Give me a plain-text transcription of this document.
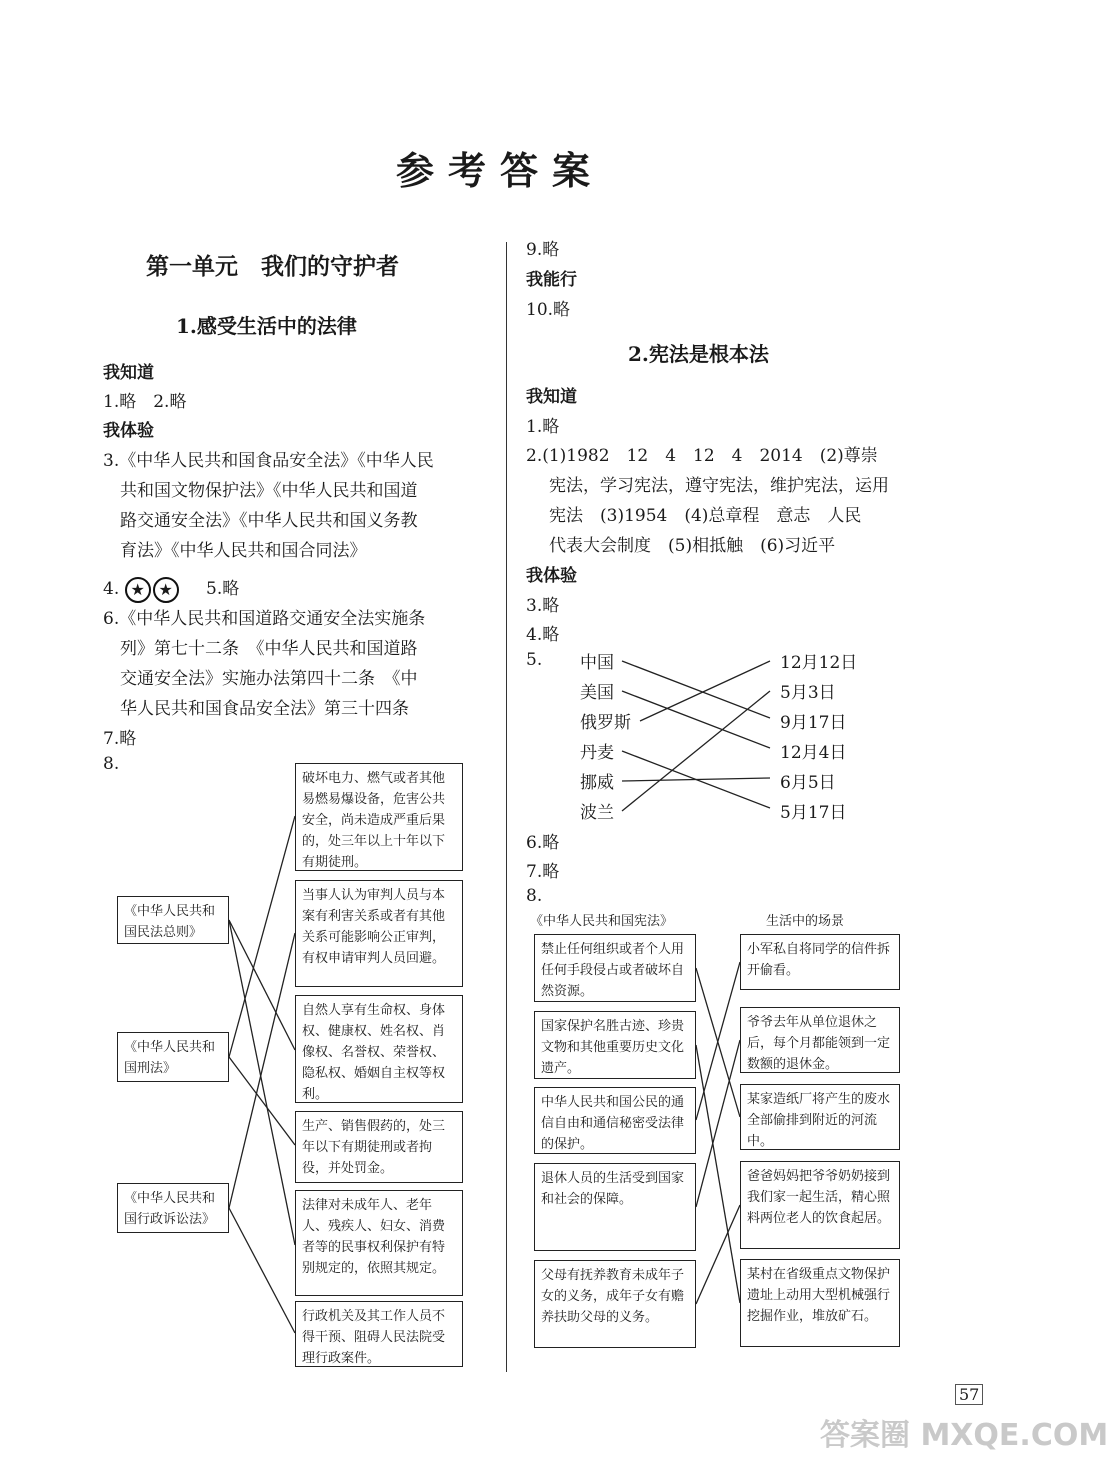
参考答案
第一单元　我们的守护者
1.感受生活中的法律
我知道
1.略　2.略
我体验
3.《中华人民共和国食品安全法》《中华人民
共和国文物保护法》《中华人民共和国道
路交通安全法》《中华人民共和国义务教
育法》《中华人民共和国合同法》
4. ★ ★ 5.略
6.《中华人民共和国道路交通安全法实施条
列》第七十二条　《中华人民共和国道路
交通安全法》实施办法第四十二条　《中
华人民共和国食品安全法》第三十四条
7.略
8.
《中华人民共和国民法总则》
《中华人民共和国刑法》
《中华人民共和国行政诉讼法》
破坏电力、燃气或者其他易燃易爆设备，危害公共安全，尚未造成严重后果的，处三年以上十年以下有期徒刑。
当事人认为审判人员与本案有利害关系或者有其他关系可能影响公正审判，有权申请审判人员回避。
自然人享有生命权、身体权、健康权、姓名权、肖像权、名誉权、荣誉权、隐私权、婚姻自主权等权利。
生产、销售假药的，处三年以下有期徒刑或者拘役，并处罚金。
法律对未成年人、老年人、残疾人、妇女、消费者等的民事权利保护有特别规定的，依照其规定。
行政机关及其工作人员不得干预、阻碍人民法院受理行政案件。
9.略
我能行
10.略
2.宪法是根本法
我知道
1.略
2.(1)1982　12　4　12　4　2014　(2)尊崇
宪法，学习宪法，遵守宪法，维护宪法，运用
宪法　(3)1954　(4)总章程　意志　人民
代表大会制度　(5)相抵触　(6)习近平
我体验
3.略
4.略
5. 中国
美国
俄罗斯
丹麦
挪威
波兰
12月12日
5月3日
9月17日
12月4日
6月5日
5月17日
6.略
7.略
8.
《中华人民共和国宪法》	生活中的场景
禁止任何组织或者个人用任何手段侵占或者破坏自然资源。
国家保护名胜古迹、珍贵文物和其他重要历史文化遗产。
中华人民共和国公民的通信自由和通信秘密受法律的保护。
退休人员的生活受到国家和社会的保障。
父母有抚养教育未成年子女的义务，成年子女有赡养扶助父母的义务。
小军私自将同学的信件拆开偷看。
爷爷去年从单位退休之后，每个月都能领到一定数额的退休金。
某家造纸厂将产生的废水全部偷排到附近的河流中。
爸爸妈妈把爷爷奶奶接到我们家一起生活，精心照料两位老人的饮食起居。
某村在省级重点文物保护遗址上动用大型机械强行挖掘作业，堆放矿石。
57
答案圈 MXQE.COM
